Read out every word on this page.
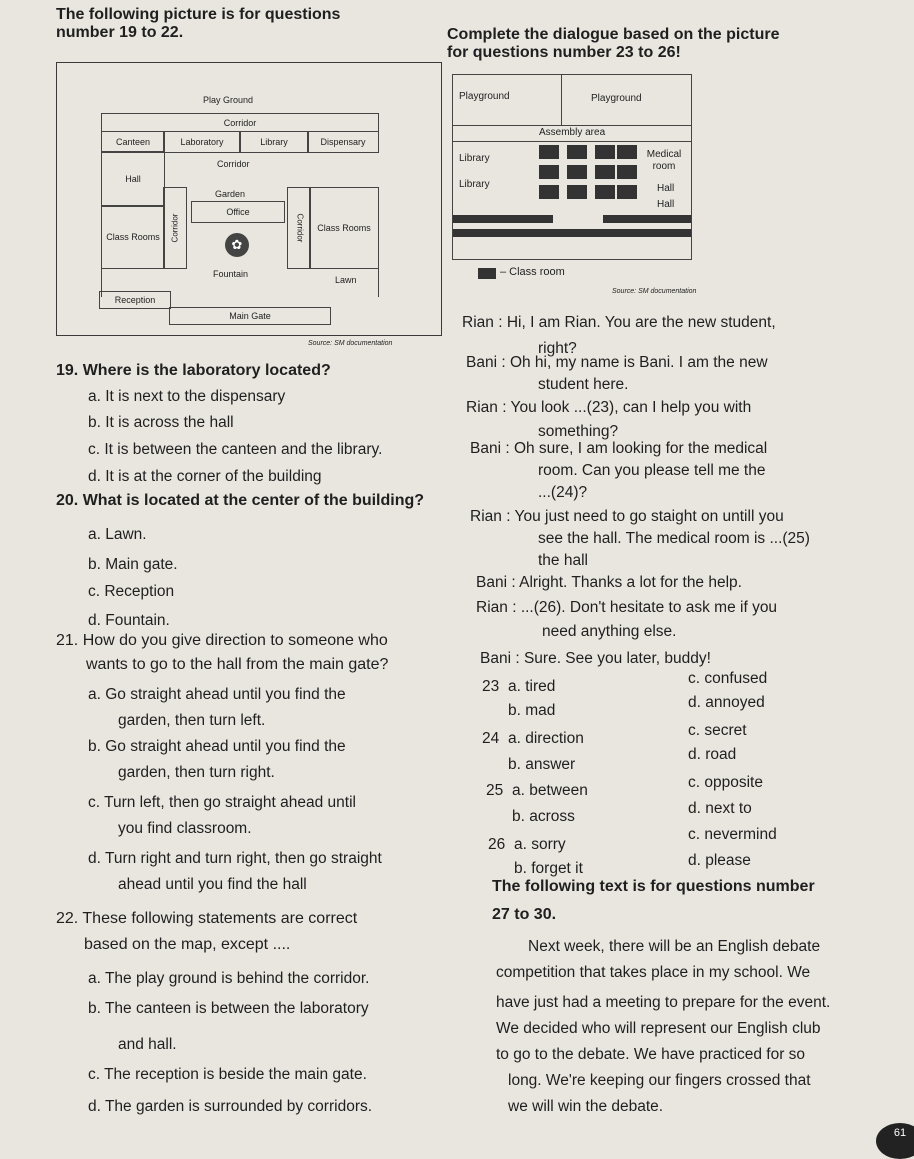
The following picture is for questions
number 19 to 22.	Complete the dialogue based on the picture
for questions number 23 to 26!
Play Ground
Corridor
Canteen	Laboratory	Library	Dispensary
Hall
Corridor
Garden
Office
Class Rooms Corridor	Corridor Class Rooms
✿
Fountain
Lawn
Reception
Main Gate
Source: SM documentation
Playground	Playground
Assembly area
Library
Library
Medical room
Hall
Hall
– Class room
Source: SM documentation
19. Where is the laboratory located?
a. It is next to the dispensary
b. It is across the hall
c. It is between the canteen and the library.
d. It is at the corner of the building
20. What is located at the center of the building?
a. Lawn.
b. Main gate.
c. Reception
d. Fountain.
21. How do you give direction to someone who
wants to go to the hall from the main gate?
a. Go straight ahead until you find the
garden, then turn left.
b. Go straight ahead until you find the
garden, then turn right.
c. Turn left, then go straight ahead until
you find classroom.
d. Turn right and turn right, then go straight
ahead until you find the hall
22. These following statements are correct
based on the map, except ....
a. The play ground is behind the corridor.
b. The canteen is between the laboratory
and hall.
c. The reception is beside the main gate.
d. The garden is surrounded by corridors.
Rian : Hi, I am Rian. You are the new student,
right?
Bani : Oh hi, my name is Bani. I am the new
student here.
Rian : You look ...(23), can I help you with
something?
Bani : Oh sure, I am looking for the medical
room. Can you please tell me the
...(24)?
Rian : You just need to go staight on untill you
see the hall. The medical room is ...(25)
the hall
Bani : Alright. Thanks a lot for the help.
Rian : ...(26). Don't hesitate to ask me if you
need anything else.
Bani : Sure. See you later, buddy!
23 a. tired
b. mad
c. confused
d. annoyed
24 a. direction
b. answer
c. secret
d. road
25 a. between
b. across
c. opposite
d. next to
26 a. sorry
b. forget it
c. nevermind
d. please
The following text is for questions number
27 to 30.
Next week, there will be an English debate
competition that takes place in my school. We
have just had a meeting to prepare for the event.
We decided who will represent our English club
to go to the debate. We have practiced for so
long. We're keeping our fingers crossed that
we will win the debate.
61
